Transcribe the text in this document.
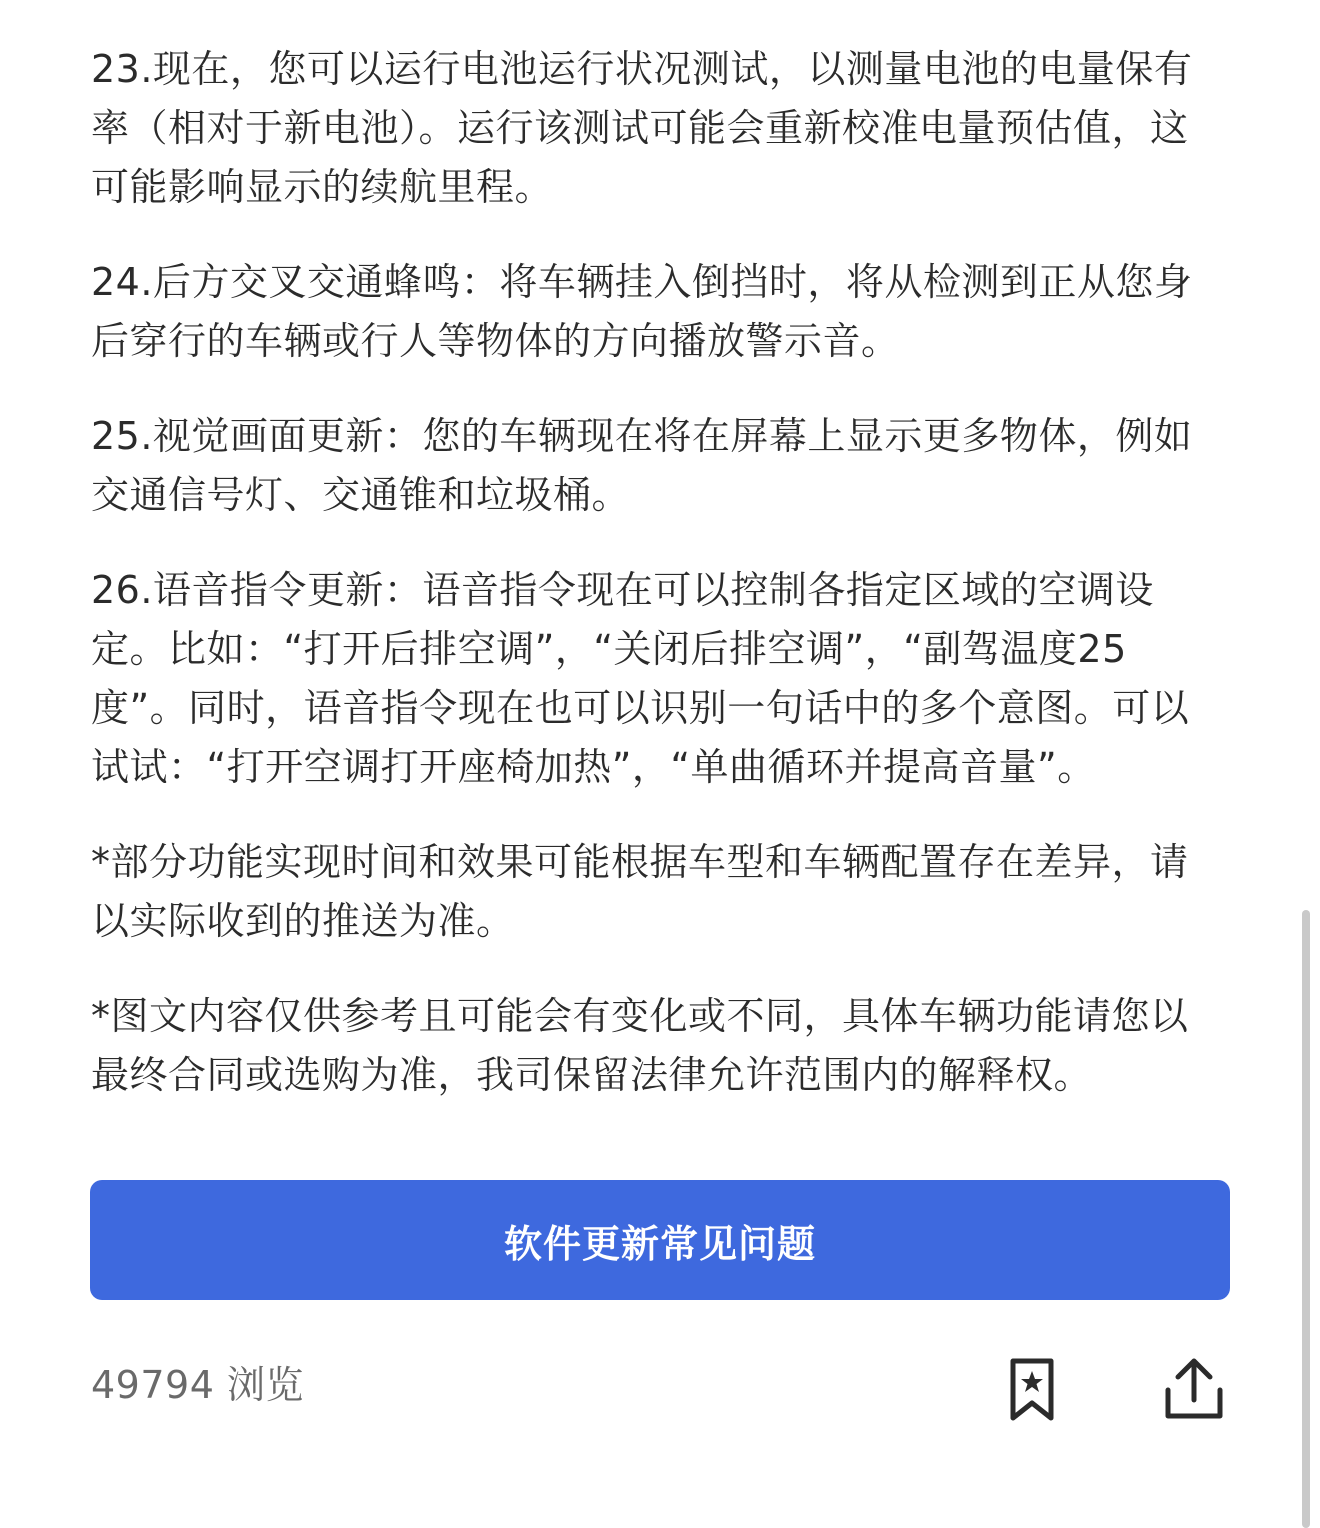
23.现在，您可以运行电池运行状况测试，以测量电池的电量保有率（相对于新电池）。运行该测试可能会重新校准电量预估值，这可能影响显示的续航里程。

24.后方交叉交通蜂鸣：将车辆挂入倒挡时，将从检测到正从您身后穿行的车辆或行人等物体的方向播放警示音。

25.视觉画面更新：您的车辆现在将在屏幕上显示更多物体，例如交通信号灯、交通锥和垃圾桶。

26.语音指令更新：语音指令现在可以控制各指定区域的空调设定。比如：“打开后排空调”，“关闭后排空调”，“副驾温度25度”。同时，语音指令现在也可以识别一句话中的多个意图。可以试试：“打开空调打开座椅加热”，“单曲循环并提高音量”。

*部分功能实现时间和效果可能根据车型和车辆配置存在差异，请以实际收到的推送为准。

*图文内容仅供参考且可能会有变化或不同，具体车辆功能请您以最终合同或选购为准，我司保留法律允许范围内的解释权。

软件更新常见问题
49794 浏览
